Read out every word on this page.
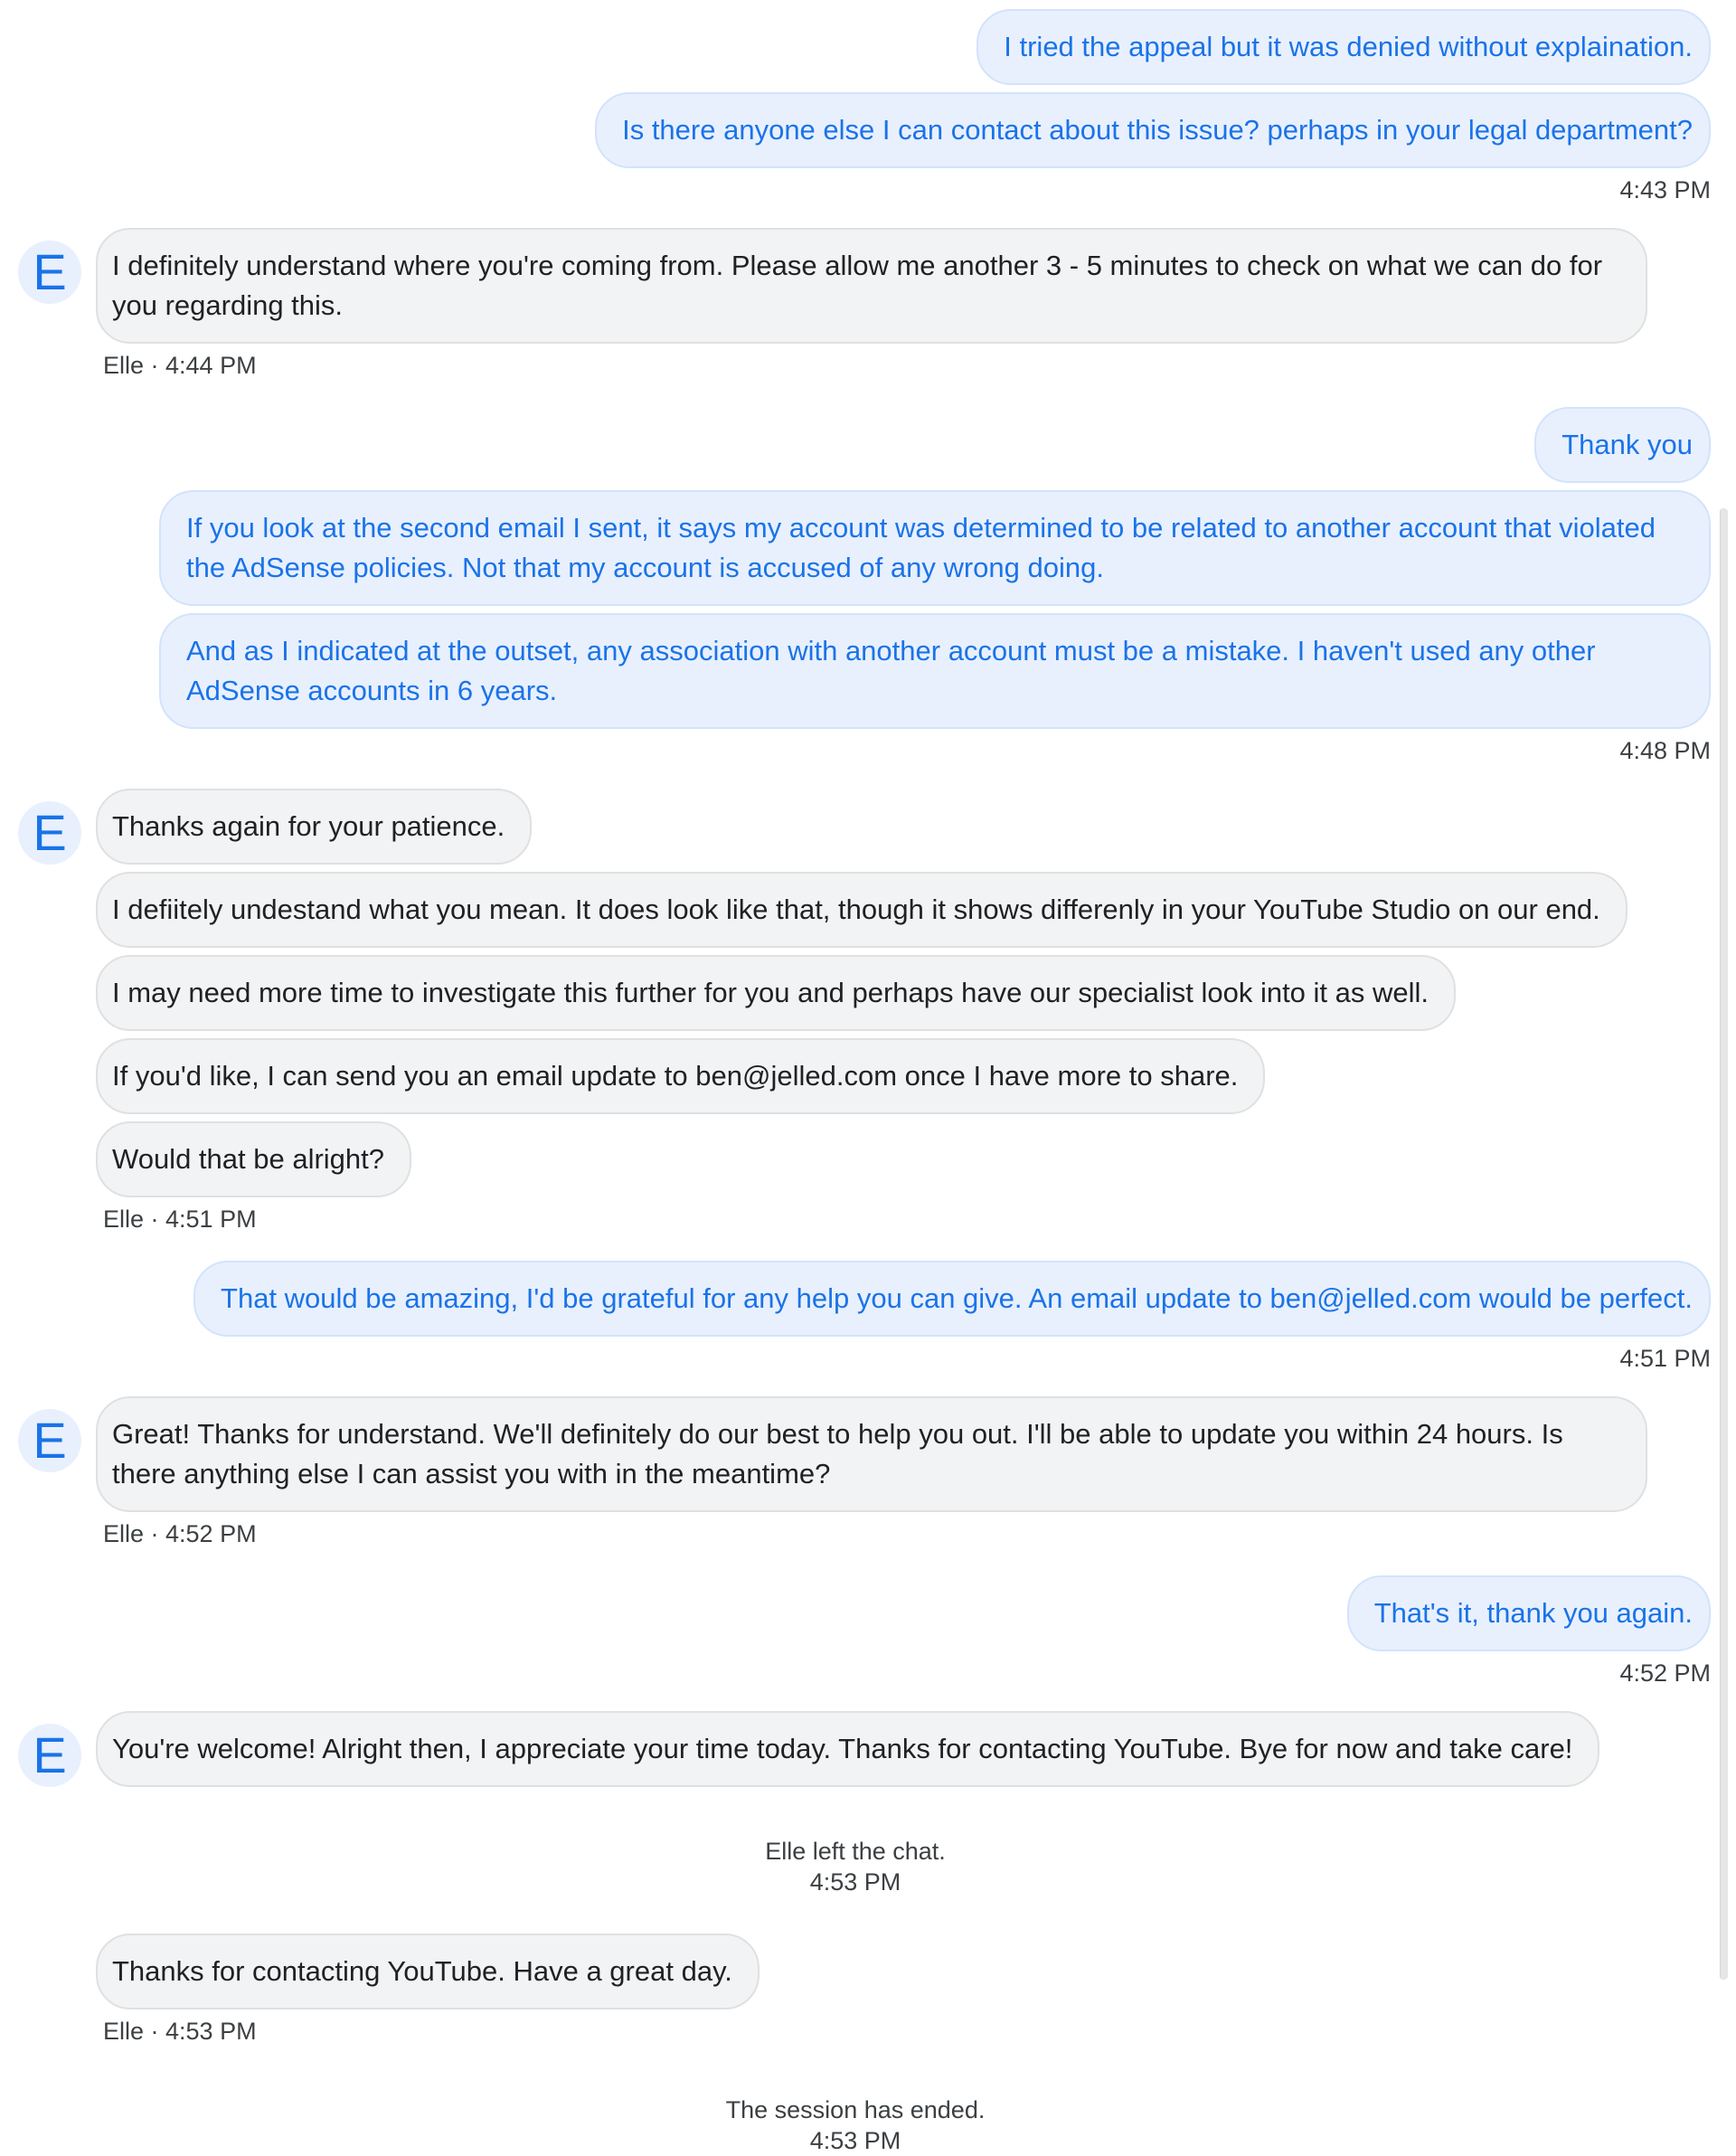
I tried the appeal but it was denied without explaination.
Is there anyone else I can contact about this issue? perhaps in your legal department?
4:43 PM
E	I definitely understand where you're coming from. Please allow me another 3 - 5 minutes to check on what we can do for you regarding this.
Elle · 4:44 PM
Thank you
If you look at the second email I sent, it says my account was determined to be related to another account that violated the AdSense policies. Not that my account is accused of any wrong doing.
And as I indicated at the outset, any association with another account must be a mistake. I haven't used any other AdSense accounts in 6 years.
4:48 PM
E	Thanks again for your patience.
I defiitely undestand what you mean. It does look like that, though it shows differenly in your YouTube Studio on our end.
I may need more time to investigate this further for you and perhaps have our specialist look into it as well.
If you'd like, I can send you an email update to ben@jelled.com once I have more to share.
Would that be alright?
Elle · 4:51 PM
That would be amazing, I'd be grateful for any help you can give. An email update to ben@jelled.com would be perfect.
4:51 PM
E	Great! Thanks for understand. We'll definitely do our best to help you out. I'll be able to update you within 24 hours. Is there anything else I can assist you with in the meantime?
Elle · 4:52 PM
That's it, thank you again.
4:52 PM
E	You're welcome! Alright then, I appreciate your time today. Thanks for contacting YouTube. Bye for now and take care!
Elle left the chat.
4:53 PM
Thanks for contacting YouTube. Have a great day.
Elle · 4:53 PM
The session has ended.
4:53 PM
